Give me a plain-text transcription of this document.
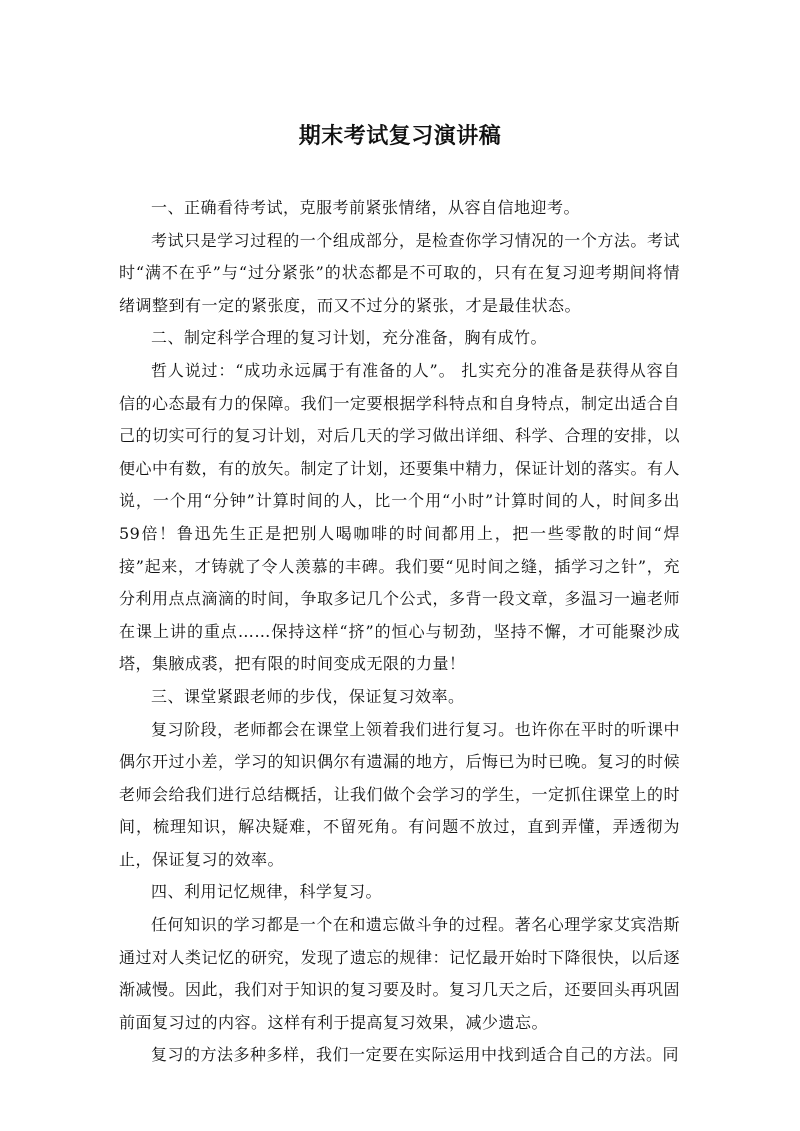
期末考试复习演讲稿

一、正确看待考试，克服考前紧张情绪，从容自信地迎考。

考试只是学习过程的一个组成部分，是检查你学习情况的一个方法。考试时“满不在乎”与“过分紧张”的状态都是不可取的，只有在复习迎考期间将情绪调整到有一定的紧张度，而又不过分的紧张，才是最佳状态。

二、制定科学合理的复习计划，充分准备，胸有成竹。

哲人说过：“成功永远属于有准备的人”。 扎实充分的准备是获得从容自信的心态最有力的保障。我们一定要根据学科特点和自身特点，制定出适合自己的切实可行的复习计划，对后几天的学习做出详细、科学、合理的安排，以便心中有数，有的放矢。制定了计划，还要集中精力，保证计划的落实。有人说，一个用“分钟”计算时间的人，比一个用“小时”计算时间的人，时间多出59倍！鲁迅先生正是把别人喝咖啡的时间都用上，把一些零散的时间“焊接”起来，才铸就了令人羡慕的丰碑。我们要“见时间之缝，插学习之针”，充分利用点点滴滴的时间，争取多记几个公式，多背一段文章，多温习一遍老师在课上讲的重点……保持这样“挤”的恒心与韧劲，坚持不懈，才可能聚沙成塔，集腋成裘，把有限的时间变成无限的力量！

三、课堂紧跟老师的步伐，保证复习效率。

复习阶段，老师都会在课堂上领着我们进行复习。也许你在平时的听课中偶尔开过小差，学习的知识偶尔有遗漏的地方，后悔已为时已晚。复习的时候老师会给我们进行总结概括，让我们做个会学习的学生，一定抓住课堂上的时间，梳理知识，解决疑难，不留死角。有问题不放过，直到弄懂，弄透彻为止，保证复习的效率。

四、利用记忆规律，科学复习。

任何知识的学习都是一个在和遗忘做斗争的过程。著名心理学家艾宾浩斯通过对人类记忆的研究，发现了遗忘的规律：记忆最开始时下降很快，以后逐渐减慢。因此，我们对于知识的复习要及时。复习几天之后，还要回头再巩固前面复习过的内容。这样有利于提高复习效果，减少遗忘。

复习的方法多种多样，我们一定要在实际运用中找到适合自己的方法。同
